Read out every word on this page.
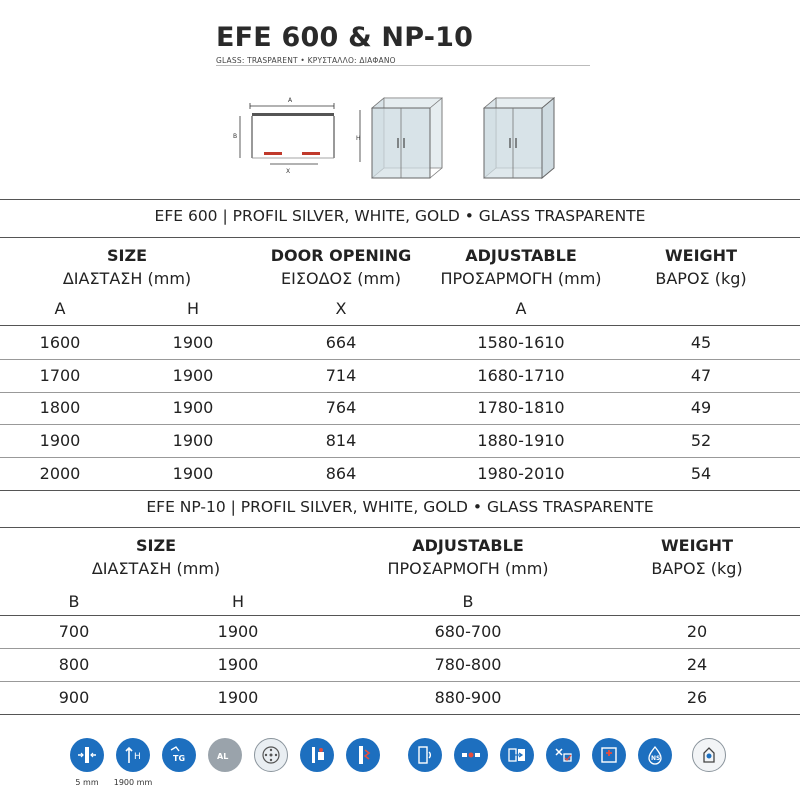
EFE 600 & NP-10
GLASS: TRASPARENT • ΚΡΥΣΤΑΛΛΟ: ΔΙΑΦΑΝΟ
A
B
X
H
EFE 600 | PROFIL SILVER, WHITE, GOLD • GLASS TRASPARENTE
SIZE
ΔΙΑΣΤΑΣΗ (mm)
DOOR OPENING
ΕΙΣΟΔΟΣ (mm)
ADJUSTABLE
ΠΡΟΣΑΡΜΟΓΗ (mm)
WEIGHT
ΒΑΡΟΣ (kg)
A	H	X	A
1600	1900	664	1580-1610	45
1700	1900	714	1680-1710	47
1800	1900	764	1780-1810	49
1900	1900	814	1880-1910	52
2000	1900	864	1980-2010	54
EFE NP-10 | PROFIL SILVER, WHITE, GOLD • GLASS TRASPARENTE
SIZE
ΔΙΑΣΤΑΣΗ (mm)
ADJUSTABLE
ΠΡΟΣΑΡΜΟΓΗ (mm)
WEIGHT
ΒΑΡΟΣ (kg)
B	H	B
700	1900	680-700	20
800	1900	780-800	24
900	1900	880-900	26
5 mm
H
1900 mm
TG	AL	NS
